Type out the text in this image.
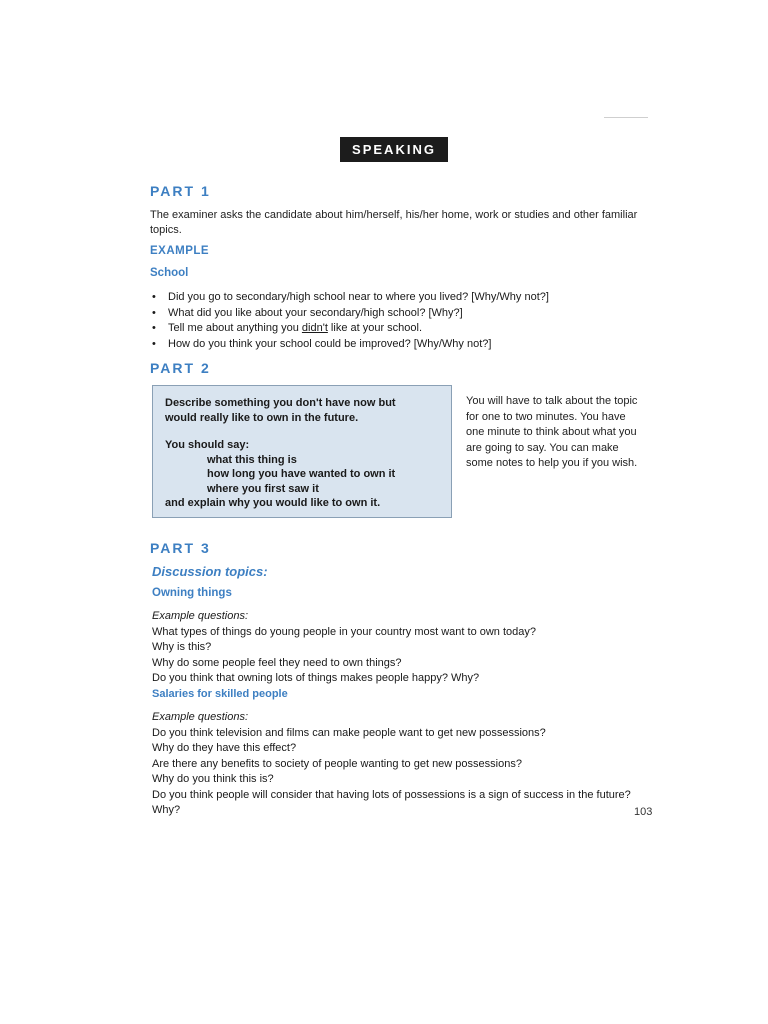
SPEAKING
PART 1
The examiner asks the candidate about him/herself, his/her home, work or studies and other familiar topics.
EXAMPLE
School
• Did you go to secondary/high school near to where you lived? [Why/Why not?]
• What did you like about your secondary/high school? [Why?]
• Tell me about anything you didn't like at your school.
• How do you think your school could be improved? [Why/Why not?]
PART 2
Describe something you don't have now but
would really like to own in the future.
You should say:
what this thing is
how long you have wanted to own it
where you first saw it
and explain why you would like to own it.
You will have to talk about the topic for one to two minutes. You have one minute to think about what you are going to say. You can make some notes to help you if you wish.
PART 3
Discussion topics:
Owning things
Example questions:
What types of things do young people in your country most want to own today?
Why is this?
Why do some people feel they need to own things?
Do you think that owning lots of things makes people happy? Why?
Salaries for skilled people
Example questions:
Do you think television and films can make people want to get new possessions?
Why do they have this effect?
Are there any benefits to society of people wanting to get new possessions?
Why do you think this is?
Do you think people will consider that having lots of possessions is a sign of success in the future? Why?	103
